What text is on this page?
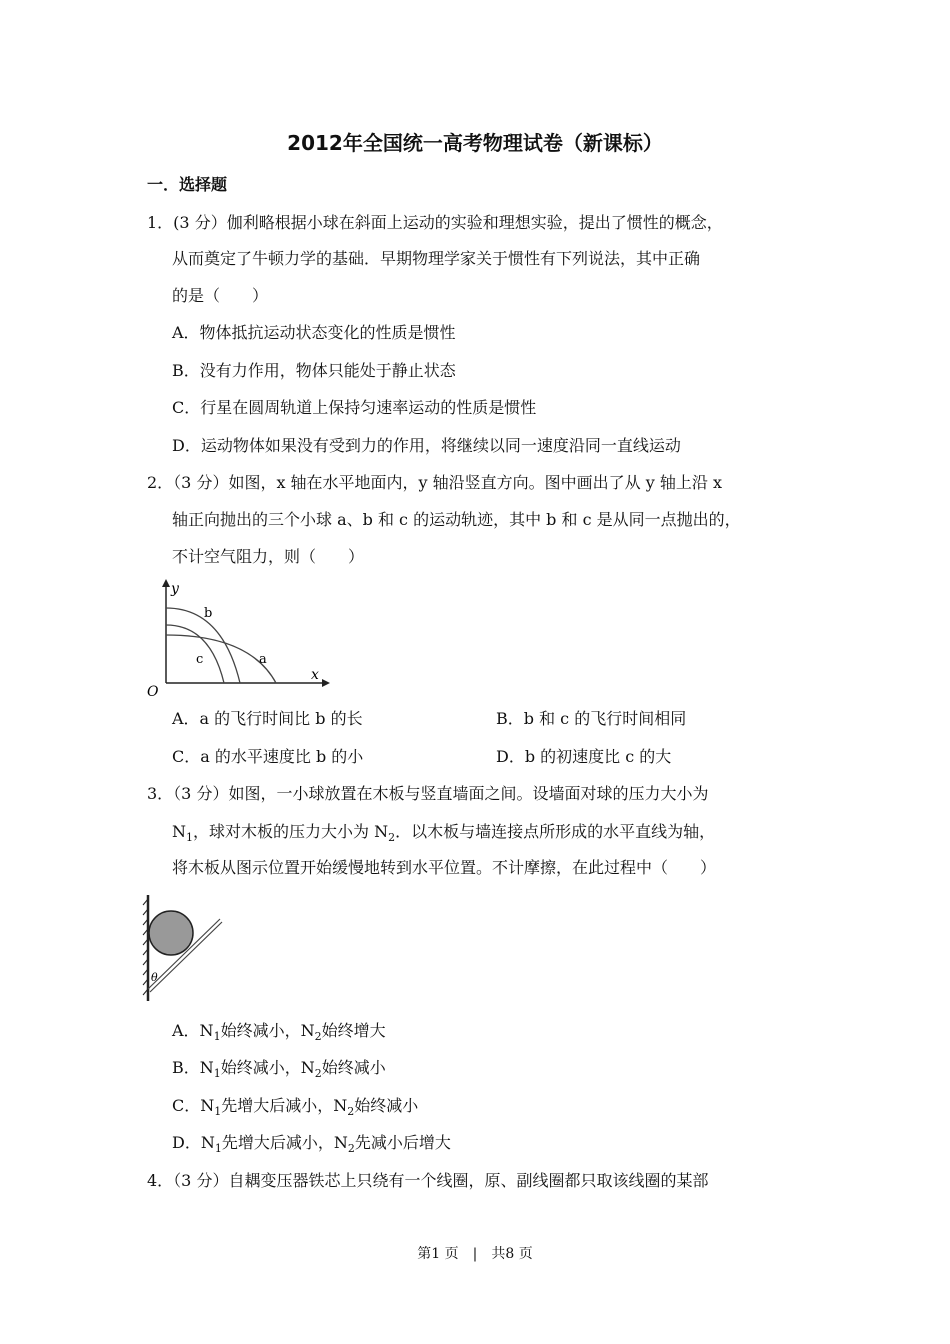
2012年全国统一高考物理试卷（新课标）
一．选择题
1．(3 分）伽利略根据小球在斜面上运动的实验和理想实验，提出了惯性的概念，
从而奠定了牛顿力学的基础．早期物理学家关于惯性有下列说法，其中正确
的是（　　）
A．物体抵抗运动状态变化的性质是惯性
B．没有力作用，物体只能处于静止状态
C．行星在圆周轨道上保持匀速率运动的性质是惯性
D．运动物体如果没有受到力的作用，将继续以同一速度沿同一直线运动
2．（3 分）如图，x 轴在水平地面内，y 轴沿竖直方向。图中画出了从 y 轴上沿 x
轴正向抛出的三个小球 a、b 和 c 的运动轨迹，其中 b 和 c 是从同一点抛出的，
不计空气阻力，则（　　）
y
x
O
b
c	a
A．a 的飞行时间比 b 的长	B．b 和 c 的飞行时间相同
C．a 的水平速度比 b 的小	D．b 的初速度比 c 的大
3．（3 分）如图，一小球放置在木板与竖直墙面之间。设墙面对球的压力大小为
$N_1$，球对木板的压力大小为 $N_2$．以木板与墙连接点所形成的水平直线为轴，
将木板从图示位置开始缓慢地转到水平位置。不计摩擦，在此过程中（　　）
θ
A．$N_1$始终减小，$N_2$始终增大
B．$N_1$始终减小，$N_2$始终减小
C．$N_1$先增大后减小，$N_2$始终减小
D．$N_1$先增大后减小，$N_2$先减小后增大
4．（3 分）自耦变压器铁芯上只绕有一个线圈，原、副线圈都只取该线圈的某部
第1 页　|　共8 页
